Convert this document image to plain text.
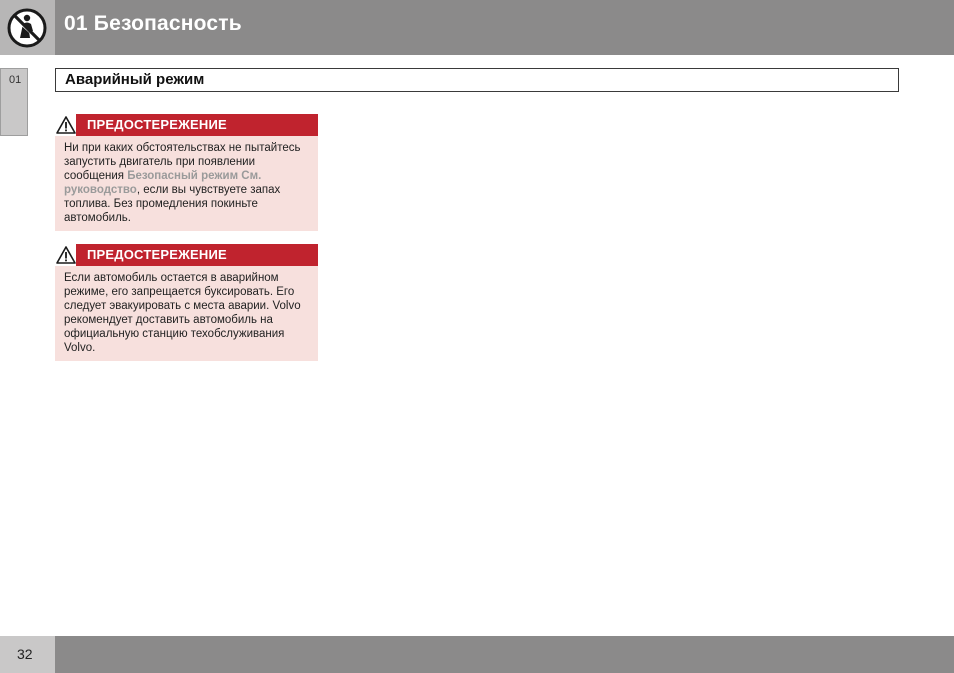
01 Безопасность
01	Аварийный режим
ПРЕДОСТЕРЕЖЕНИЕ
Ни при каких обстоятельствах не пытайтесь запустить двигатель при появлении сообщения Безопасный режим См. руководство, если вы чувствуете запах топлива. Без промедления покиньте автомобиль.
ПРЕДОСТЕРЕЖЕНИЕ
Если автомобиль остается в аварийном режиме, его запрещается буксировать. Его следует эвакуировать с места аварии. Volvo рекомендует доставить автомобиль на официальную станцию техобслуживания Volvo.
32
